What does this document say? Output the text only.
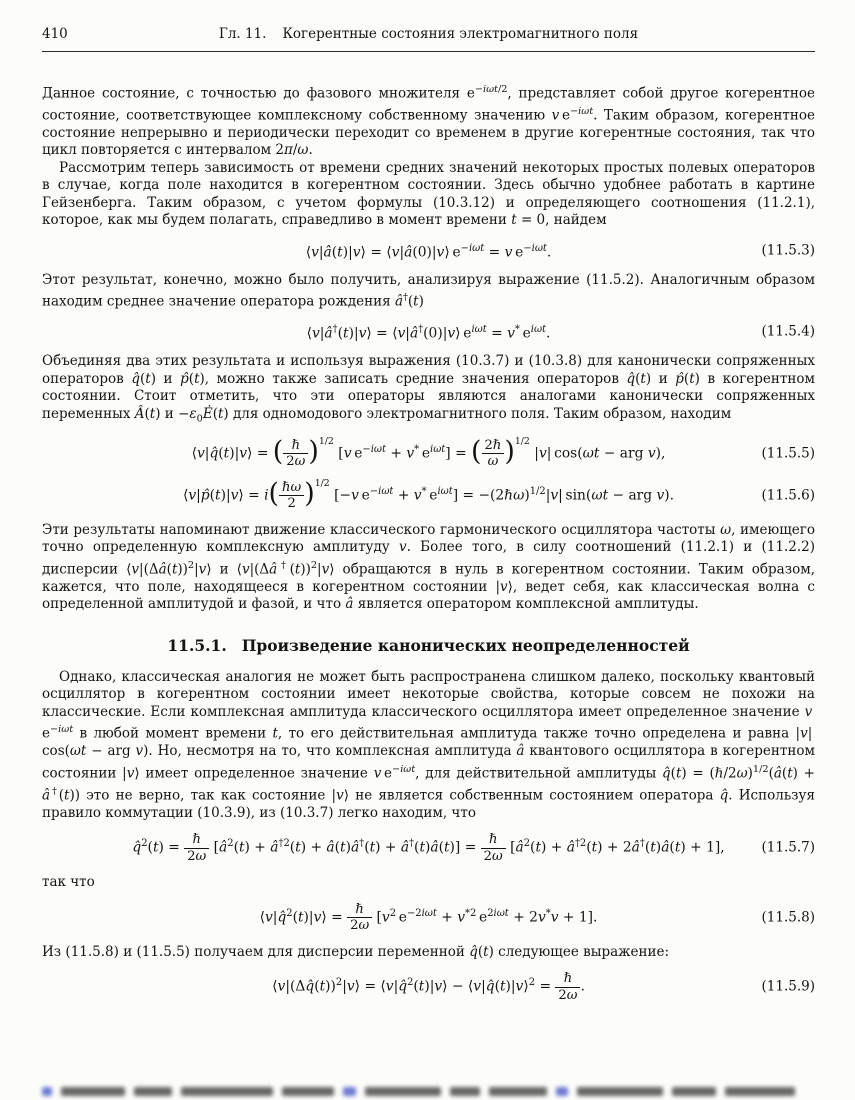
410	Гл. 11. Когерентные состояния электромагнитного поля

Данное состояние, с точностью до фазового множителя $e^{-i\omega t/2}$, представляет собой другое когерентное состояние, соответствующее комплексному собственному значению v $e^{-i\omega t}$. Таким образом, когерентное состояние непрерывно и периодически переходит со временем в другие когерентные состояния, так что цикл повторяется с интервалом 2π/ω.

Рассмотрим теперь зависимость от времени средних значений некоторых простых полевых операторов в случае, когда поле находится в когерентном состоянии. Здесь обычно удобнее работать в картине Гейзенберга. Таким образом, с учетом формулы (10.3.12) и определяющего соотношения (11.2.1), которое, как мы будем полагать, справедливо в момент времени t = 0, найдем

⟨v|â(t)|v⟩ = ⟨v|â(0)|v⟩ $e^{-i\omega t} = v$ $e^{-i\omega t}$.	(11.5.3)

Этот результат, конечно, можно было получить, анализируя выражение (11.5.2). Аналогичным образом находим среднее значение оператора рождения â†(t)

⟨v|â†(t)|v⟩ = ⟨v|â†(0)|v⟩ $e^{i\omega t} = v^*$ $e^{i\omega t}$.	(11.5.4)

Объединяя два этих результата и используя выражения (10.3.7) и (10.3.8) для канонически сопряженных операторов q̂(t) и p̂(t), можно также записать средние значения операторов q̂(t) и p̂(t) в когерентном состоянии. Стоит отметить, что эти операторы являются аналогами канонически сопряженных переменных Â(t) $и -\varepsilon_0Ė(t)$ для одномодового электромагнитного поля. Таким образом, находим

⟨v|q̂(t)|v⟩ = ( $\frac{\text{ℏ}}{2\omega} )^{1/2}$ [v $e^{-i\omega t} + v^*$ $e^{i\omega t}$] = ( $\frac{\text{2ℏ}}{\omega} )^{1/2}$ |v| cos(ωt − arg v),	(11.5.5)
⟨v|p̂(t)|v⟩ = $i( \frac{\text{ℏω}}{2} )^{1/2}$ [−v $e^{-i\omega t} + v^*$ $e^{i\omega t}$] = −(2ℏω)$^{1/2}$|v| sin(ωt − arg v).	(11.5.6)

Эти результаты напоминают движение классического гармонического осциллятора частоты ω, имеющего точно определенную комплексную амплитуду v. Более того, в силу соотношений (11.2.1) и (11.2.2) дисперсии ⟨v|(Δâ(t))$^2$|v⟩ и ⟨v|(Δâ†(t))$^2$|v⟩ обращаются в нуль в когерентном состоянии. Таким образом, кажется, что поле, находящееся в когерентном состоянии |v⟩, ведет себя, как классическая волна с определенной амплитудой и фазой, и что â является оператором комплексной амплитуды.

11.5.1. Произведение канонических неопределенностей

Однако, классическая аналогия не может быть распространена слишком далеко, поскольку квантовый осциллятор в когерентном состоянии имеет некоторые свойства, которые совсем не похожи на классические. Если комплексная амплитуда классического осциллятора имеет определенное значение v $e^{-i\omega t}$ в любой момент времени t, то его действительная амплитуда также точно определена и равна |v| cos(ωt − arg v). Но, несмотря на то, что комплексная амплитуда â квантового осциллятора в когерентном состоянии |v⟩ имеет определенное значение v $e^{-i\omega t}$, для действительной амплитуды q̂(t) = (ℏ/2ω)$^{1/2}$(â(t) + â†(t)) это не верно, так как состояние |v⟩ не является собственным состоянием оператора q̂. Используя правило коммутации (10.3.9), из (10.3.7) легко находим, что

q̂$^2$(t) = $\frac{\text{ℏ}}{2\omega}$ [$â^2(t)$ + $â^{\dagger 2}(t)$ + â(t)â†(t) + â†(t)â(t)] = $\frac{\text{ℏ}}{2\omega}$ [$â^2(t)$ + $â^{\dagger 2}(t)$ + 2â†(t)â(t) + 1],	(11.5.7)

так что

⟨v|q̂$^2$(t)|v⟩ = $\frac{\text{ℏ}}{2\omega} [v^2$ $e^{-2i\omega t} + v^{*2}$ $e^{2i\omega t} + 2v^*v + 1$].	(11.5.8)

Из (11.5.8) и (11.5.5) получаем для дисперсии переменной q̂(t) следующее выражение:

⟨v|(Δq̂(t))$^2$|v⟩ = ⟨v|q̂$^2$(t)|v⟩ − ⟨v|q̂(t)|v⟩$^2$ = $\frac{\text{ℏ}}{2\omega}$ .	(11.5.9)
